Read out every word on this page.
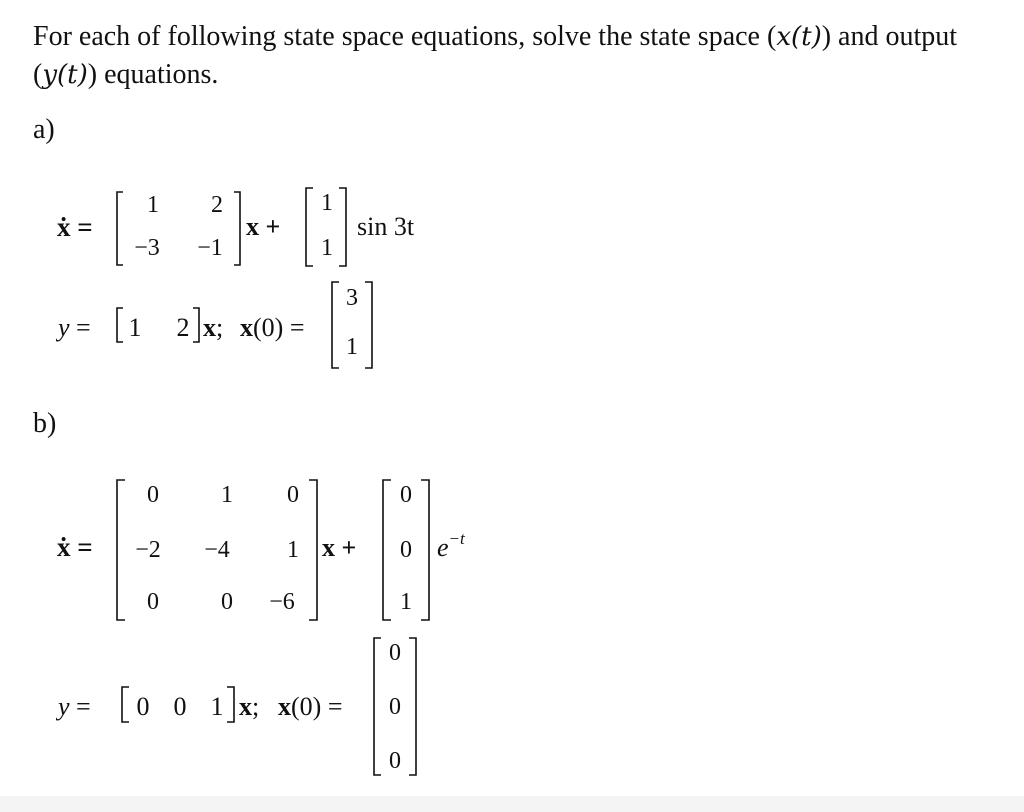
For each of following state space equations, solve the state space (x(t)) and output (y(t)) equations.
a)
ẋ =
1 2
−3 −1
x +
1
1
sin 3t
y = 1 2 x; x(0) =
3
1
b)
ẋ =
0	1 0
−2 −4 1
0	0 −6
x +
0
0
1
$e^{-t}$
y = 0 0 1 x; x(0) =
0
0
0
